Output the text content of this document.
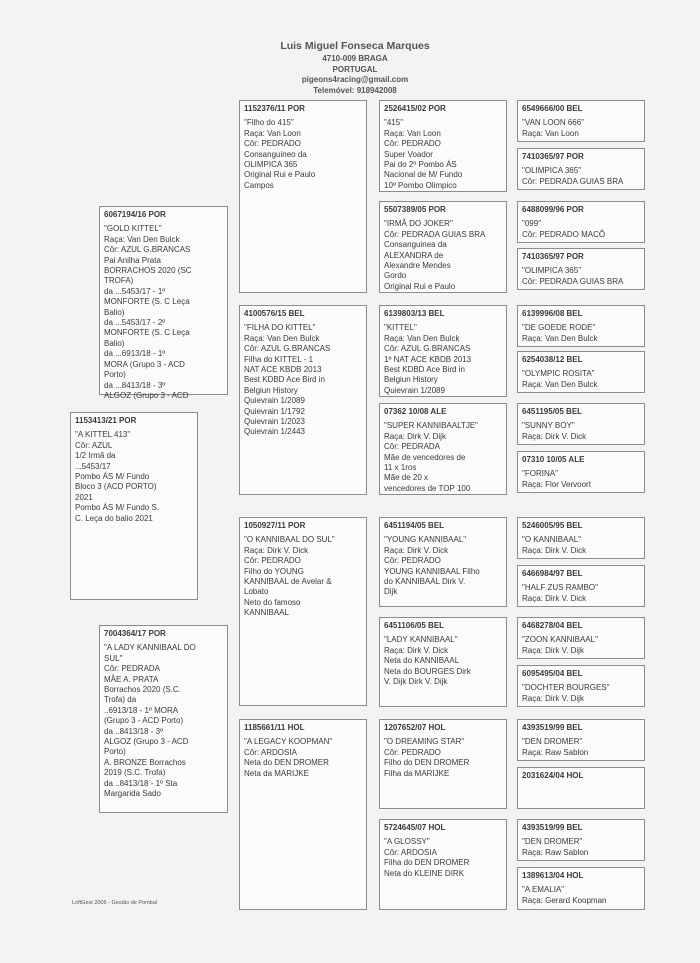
Luis Miguel Fonseca Marques
4710-009 BRAGA
PORTUGAL
pigeons4racing@gmail.com
Telemóvel: 918942008
1153413/21 POR
"A KITTEL 413"
Côr: AZUL
1/2 Irmã da
...5453/17
Pombo ÁS M/ Fundo
Bloco 3 (ACD PORTO)
2021
Pombo ÁS M/ Fundo S.
C. Leça do balio 2021
6067194/16 POR
"GOLD KITTEL"
Raça: Van Den Bulck
Côr: AZUL G.BRANCAS
Pai Anilha Prata
BORRACHOS 2020 (SC
TROFA)
da ...5453/17 - 1º
MONFORTE (S. C Leça
Balio)
da ...5453/17 - 2º
MONFORTE (S. C Leça
Balio)
da ...6913/18 - 1º
MORA (Grupo 3 - ACD
Porto)
da ...8413/18 - 3º
ALGOZ (Grupo 3 - ACD
7004364/17 POR
"A LADY KANNIBAAL DO
SUL"
Côr: PEDRADA
MÃE A. PRATA
Borrachos 2020 (S.C.
Trofa) da
..6913/18 - 1º MORA
(Grupo 3 - ACD Porto)
da ..8413/18 - 3º
ALGOZ (Grupo 3 - ACD
Porto)
A. BRONZE Borrachos
2019 (S.C. Trofa)
da ..8413/18 - 1º Sta
Margarida Sado
1152376/11 POR
"Filho do 415"
Raça: Van Loon
Côr: PEDRADO
Consanguineo da
OLIMPICA 365
Original Rui e Paulo
Campos
4100576/15 BEL
"FILHA DO KITTEL"
Raça: Van Den Bulck
Côr: AZUL G.BRANCAS
Filha do KITTEL - 1
NAT ACE KBDB 2013
Best KDBD Ace Bird in
Belgiun History
Quievrain 1/2089
Quievrain 1/1792
Quievrain 1/2023
Quievrain 1/2443
1050927/11 POR
"O KANNIBAAL DO SUL"
Raça: Dirk V. Dick
Côr: PEDRADO
Filho do YOUNG
KANNIBAAL de Avelar &
Lobato
Neto do famoso
KANNIBAAL
1185661/11 HOL
"A LEGACY KOOPMAN"
Côr: ARDOSIA
Neta do DEN DROMER
Neta da MARIJKE
2526415/02 POR
"415"
Raça: Van Loon
Côr: PEDRADO
Super Voador
Pai do 2º Pombo ÁS
Nacional de M/ Fundo
10º Pombo Olimpico
5507389/05 POR
"IRMÃ DO JOKER"
Côr: PEDRADA GUIAS BRA
Consanguinea da
ALEXANDRA de
Alexandre Mendes
Gordo
Original Rui e Paulo
6139803/13 BEL
"KITTEL"
Raça: Van Den Bulck
Côr: AZUL G.BRANCAS
1º NAT ACE KBDB 2013
Best KDBD Ace Bird in
Belgiun History
Quievrain 1/2089
07362 10/08 ALE
"SUPER KANNIBAALTJE"
Raça: Dirk V. Dijk
Côr: PEDRADA
Mãe de vencedores de
11 x 1ros
Mãe de 20 x
vencedores de TOP 100
6451194/05 BEL
"YOUNG KANNIBAAL"
Raça: Dirk V. Dick
Côr: PEDRADO
YOUNG KANNIBAAL Filho
do KANNIBAAL Dirk V.
Dijk
6451106/05 BEL
"LADY KANNIBAAL"
Raça: Dirk V. Dick
Neta do KANNIBAAL
Neta do BOURGES Dirk
V. Dijk Dirk V. Dijk
1207652/07 HOL
"O DREAMING STAR"
Côr: PEDRADO
Filho do DEN DROMER
Filha da MARIJKE
5724645/07 HOL
"A GLOSSY"
Côr: ARDOSIA
Filha do DEN DROMER
Neta do KLEINE DIRK
6549666/00 BEL
"VAN LOON 666"
Raça: Van Loon
7410365/97 POR
"OLIMPICA 365"
Côr: PEDRADA GUIAS BRA
6488099/96 POR
"099"
Côr: PEDRADO MACÔ
7410365/97 POR
"OLIMPICA 365"
Côr: PEDRADA GUIAS BRA
6139996/08 BEL
"DE GOEDE RODE"
Raça: Van Den Bulck
6254038/12 BEL
"OLYMPIC ROSITA"
Raça: Van Den Bulck
6451195/05 BEL
"SUNNY BOY"
Raça: Dirk V. Dick
07310 10/05 ALE
"FORINA"
Raça: Flor Vervoort
5246005/95 BEL
"O KANNIBAAL"
Raça: Dirk V. Dick
6466984/97 BEL
"HALF ZUS RAMBO"
Raça: Dirk V. Dick
6468278/04 BEL
"ZOON KANNIBAAL"
Raça: Dirk V. Dijk
6095495/04 BEL
"DOCHTER BOURGES"
Raça: Dirk V. Dijk
4393519/99 BEL
"DEN DROMER"
Raça: Raw Sablon
2031624/04 HOL
4393519/99 BEL
"DEN DROMER"
Raça: Raw Sablon
1389613/04 HOL
"A EMALIA"
Raça: Gerard Koopman
LoftGest 2006 - Gestão de Pombal
